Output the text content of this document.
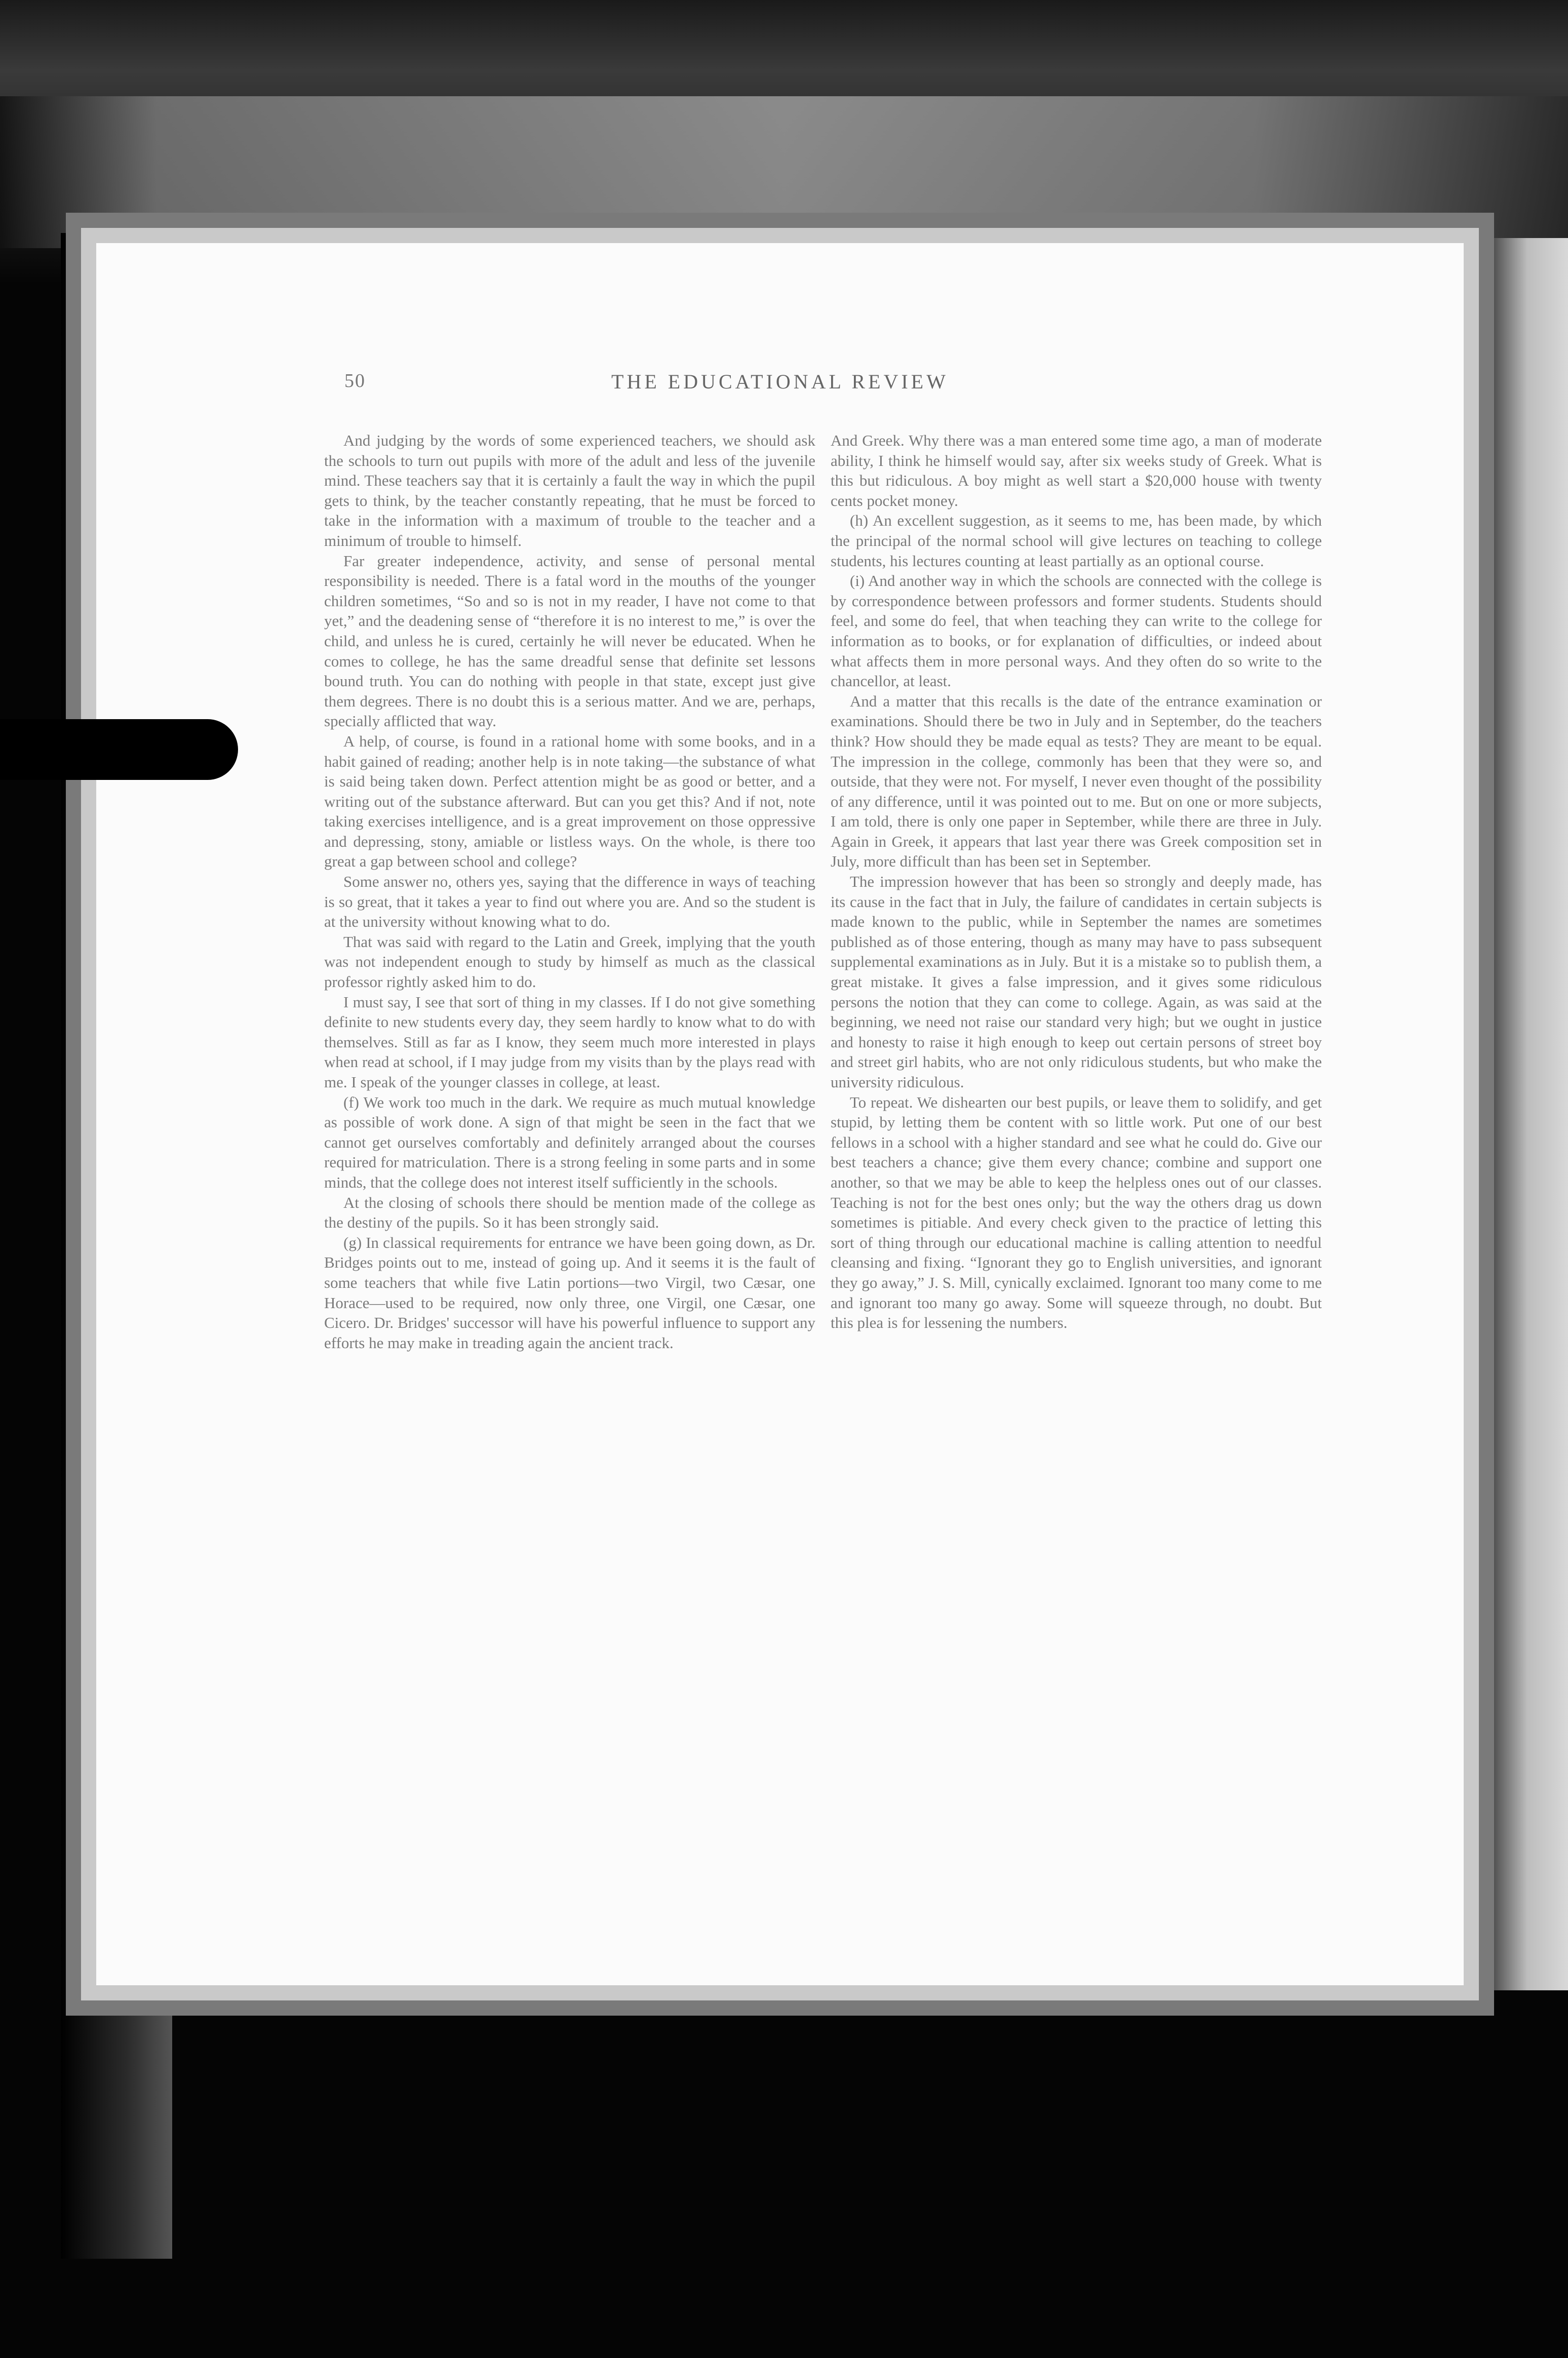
50	THE EDUCATIONAL REVIEW

And judging by the words of some experienced teachers, we should ask the schools to turn out pupils with more of the adult and less of the juvenile mind. These teachers say that it is certainly a fault the way in which the pupil gets to think, by the teacher constantly repeating, that he must be forced to take in the information with a maximum of trouble to the teacher and a minimum of trouble to himself.

Far greater independence, activity, and sense of personal mental responsibility is needed. There is a fatal word in the mouths of the younger children sometimes, “So and so is not in my reader, I have not come to that yet,” and the deadening sense of “therefore it is no interest to me,” is over the child, and unless he is cured, certainly he will never be educated. When he comes to college, he has the same dreadful sense that definite set lessons bound truth. You can do nothing with people in that state, except just give them degrees. There is no doubt this is a serious matter. And we are, perhaps, specially afflicted that way.

A help, of course, is found in a rational home with some books, and in a habit gained of reading; another help is in note taking—the substance of what is said being taken down. Perfect attention might be as good or better, and a writing out of the substance afterward. But can you get this? And if not, note taking exercises intelligence, and is a great improvement on those oppressive and depressing, stony, amiable or listless ways. On the whole, is there too great a gap between school and college?

Some answer no, others yes, saying that the difference in ways of teaching is so great, that it takes a year to find out where you are. And so the student is at the university without knowing what to do.

That was said with regard to the Latin and Greek, implying that the youth was not independent enough to study by himself as much as the classical professor rightly asked him to do.

I must say, I see that sort of thing in my classes. If I do not give something definite to new students every day, they seem hardly to know what to do with themselves. Still as far as I know, they seem much more interested in plays when read at school, if I may judge from my visits than by the plays read with me. I speak of the younger classes in college, at least.

(f) We work too much in the dark. We require as much mutual knowledge as possible of work done. A sign of that might be seen in the fact that we cannot get ourselves comfortably and definitely arranged about the courses required for matriculation. There is a strong feeling in some parts and in some minds, that the college does not interest itself sufficiently in the schools.

At the closing of schools there should be mention made of the college as the destiny of the pupils. So it has been strongly said.

(g) In classical requirements for entrance we have been going down, as Dr. Bridges points out to me, instead of going up. And it seems it is the fault of some teachers that while five Latin portions—two Virgil, two Cæsar, one Horace—used to be required, now only three, one Virgil, one Cæsar, one Cicero. Dr. Bridges' successor will have his powerful influence to support any efforts he may make in treading again the ancient track.

And Greek. Why there was a man entered some time ago, a man of moderate ability, I think he himself would say, after six weeks study of Greek. What is this but ridiculous. A boy might as well start a $20,000 house with twenty cents pocket money.

(h) An excellent suggestion, as it seems to me, has been made, by which the principal of the normal school will give lectures on teaching to college students, his lectures counting at least partially as an optional course.

(i) And another way in which the schools are connected with the college is by correspondence between professors and former students. Students should feel, and some do feel, that when teaching they can write to the college for information as to books, or for explanation of difficulties, or indeed about what affects them in more personal ways. And they often do so write to the chancellor, at least.

And a matter that this recalls is the date of the entrance examination or examinations. Should there be two in July and in September, do the teachers think? How should they be made equal as tests? They are meant to be equal. The impression in the college, commonly has been that they were so, and outside, that they were not. For myself, I never even thought of the possibility of any difference, until it was pointed out to me. But on one or more subjects, I am told, there is only one paper in September, while there are three in July. Again in Greek, it appears that last year there was Greek composition set in July, more difficult than has been set in September.

The impression however that has been so strongly and deeply made, has its cause in the fact that in July, the failure of candidates in certain subjects is made known to the public, while in September the names are sometimes published as of those entering, though as many may have to pass subsequent supplemental examinations as in July. But it is a mistake so to publish them, a great mistake. It gives a false impression, and it gives some ridiculous persons the notion that they can come to college. Again, as was said at the beginning, we need not raise our standard very high; but we ought in justice and honesty to raise it high enough to keep out certain persons of street boy and street girl habits, who are not only ridiculous students, but who make the university ridiculous.

To repeat. We dishearten our best pupils, or leave them to solidify, and get stupid, by letting them be content with so little work. Put one of our best fellows in a school with a higher standard and see what he could do. Give our best teachers a chance; give them every chance; combine and support one another, so that we may be able to keep the helpless ones out of our classes. Teaching is not for the best ones only; but the way the others drag us down sometimes is pitiable. And every check given to the practice of letting this sort of thing through our educational machine is calling attention to needful cleansing and fixing. “Ignorant they go to English universities, and ignorant they go away,” J. S. Mill, cynically exclaimed. Ignorant too many come to me and ignorant too many go away. Some will squeeze through, no doubt. But this plea is for lessening the numbers.
